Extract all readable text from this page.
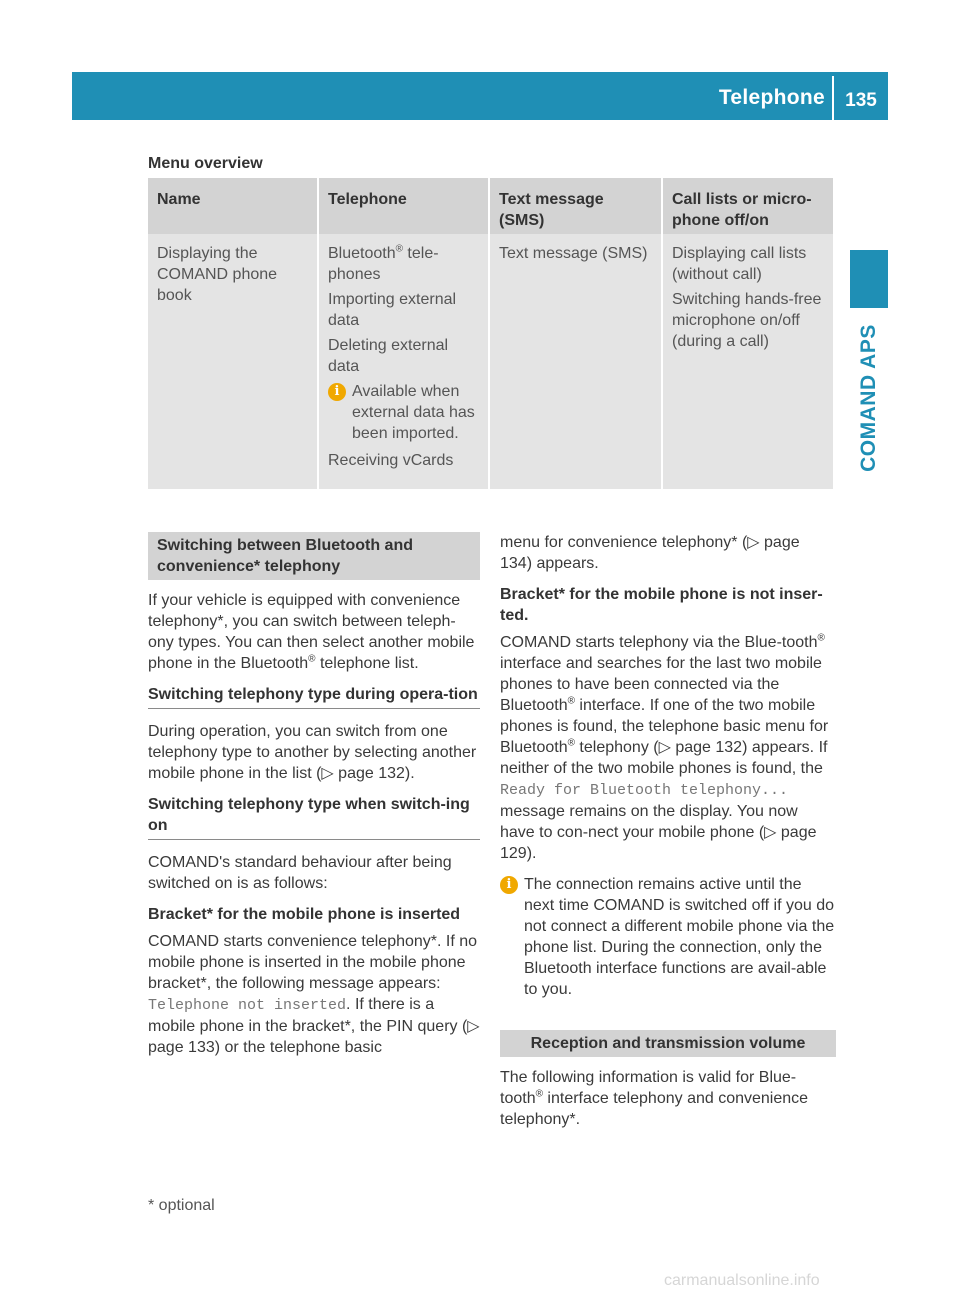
Telephone 135
COMAND APS
Menu overview
Name	Telephone	Text message (SMS)
Call lists or micro-phone off/on

Displaying the COMAND phone book

Bluetooth® tele-phones

Importing external data

Deleting external data

i Available when external data has been imported.

Receiving vCards

Text message (SMS) Displaying call lists (without call)

Switching hands-free microphone on/off (during a call)

Switching between Bluetooth and convenience* telephony

If your vehicle is equipped with convenience telephony*, you can switch between teleph-ony types. You can then select another mobile phone in the Bluetooth® telephone list.

Switching telephony type during opera-tion

During operation, you can switch from one telephony type to another by selecting another mobile phone in the list (▷ page 132).

Switching telephony type when switch-ing on

COMAND's standard behaviour after being switched on is as follows:

Bracket* for the mobile phone is inserted

COMAND starts convenience telephony*. If no mobile phone is inserted in the mobile phone bracket*, the following message appears: Telephone not inserted. If there is a mobile phone in the bracket*, the PIN query (▷ page 133) or the telephone basic

menu for convenience telephony* (▷ page 134) appears.

Bracket* for the mobile phone is not inser-ted.

COMAND starts telephony via the Blue-tooth® interface and searches for the last two mobile phones to have been connected via the Bluetooth® interface. If one of the two mobile phones is found, the telephone basic menu for Bluetooth® telephony (▷ page 132) appears. If neither of the two mobile phones is found, the Ready for Bluetooth telephony... message remains on the display. You now have to con-nect your mobile phone (▷ page 129).

i The connection remains active until the next time COMAND is switched off if you do not connect a different mobile phone via the phone list. During the connection, only the Bluetooth interface functions are avail-able to you.
Reception and transmission volume

The following information is valid for Blue-tooth® interface telephony and convenience telephony*.

* optional
carmanualsonline.info
